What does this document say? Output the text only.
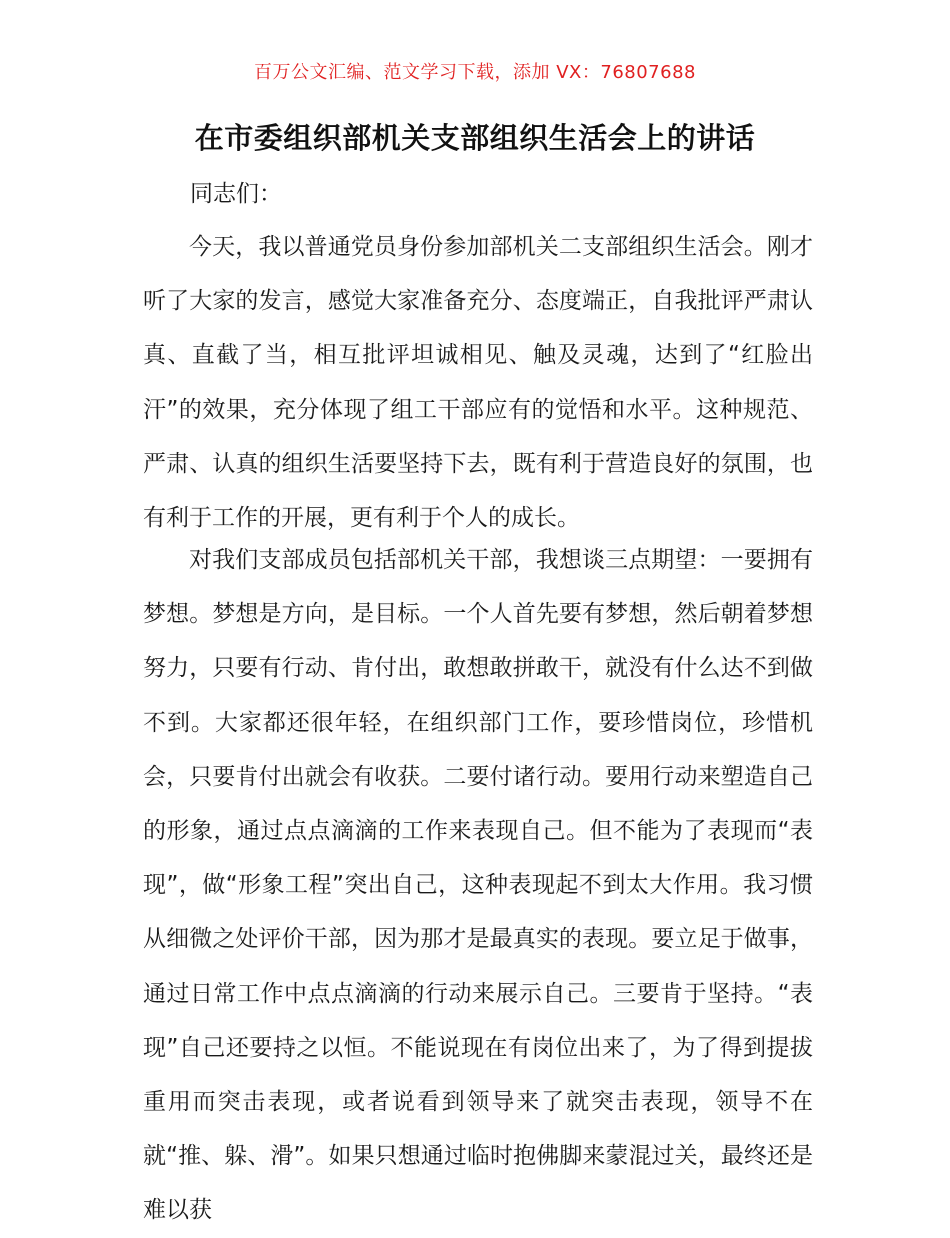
百万公文汇编、范文学习下载，添加 VX：76807688
在市委组织部机关支部组织生活会上的讲话
同志们：

今天，我以普通党员身份参加部机关二支部组织生活会。刚才听了大家的发言，感觉大家准备充分、态度端正，自我批评严肃认真、直截了当，相互批评坦诚相见、触及灵魂，达到了“红脸出汗”的效果，充分体现了组工干部应有的觉悟和水平。这种规范、严肃、认真的组织生活要坚持下去，既有利于营造良好的氛围，也有利于工作的开展，更有利于个人的成长。

对我们支部成员包括部机关干部，我想谈三点期望：一要拥有梦想。梦想是方向，是目标。一个人首先要有梦想，然后朝着梦想努力，只要有行动、肯付出，敢想敢拼敢干，就没有什么达不到做不到。大家都还很年轻，在组织部门工作，要珍惜岗位，珍惜机会，只要肯付出就会有收获。二要付诸行动。要用行动来塑造自己的形象，通过点点滴滴的工作来表现自己。但不能为了表现而“表现”，做“形象工程”突出自己，这种表现起不到太大作用。我习惯从细微之处评价干部，因为那才是最真实的表现。要立足于做事，通过日常工作中点点滴滴的行动来展示自己。三要肯于坚持。“表现”自己还要持之以恒。不能说现在有岗位出来了，为了得到提拔重用而突击表现，或者说看到领导来了就突击表现，领导不在就“推、躲、滑”。如果只想通过临时抱佛脚来蒙混过关，最终还是难以获
